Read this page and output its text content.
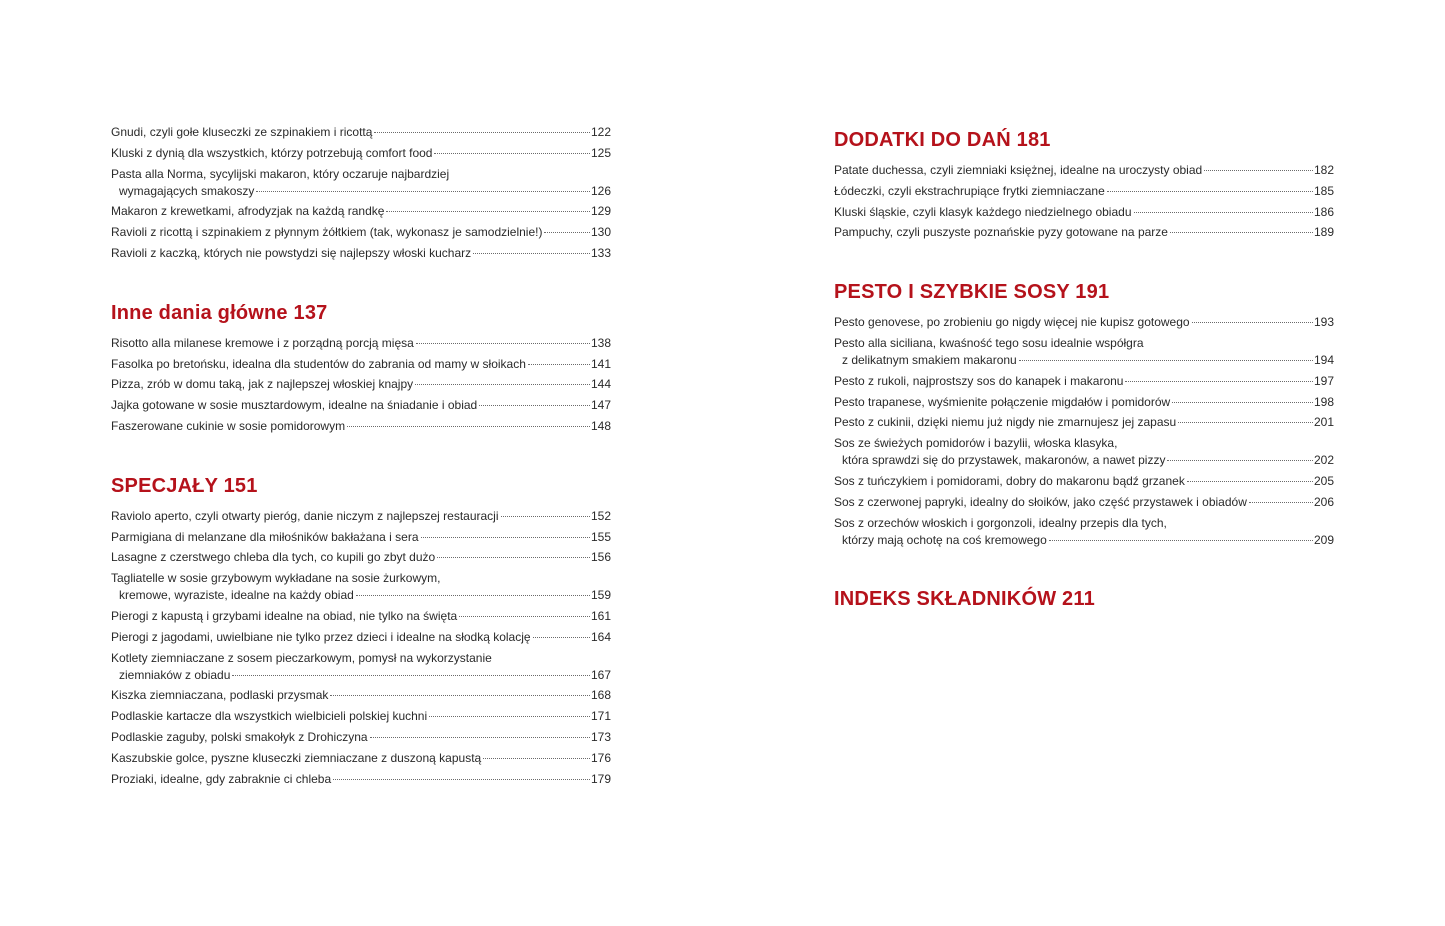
Gnudi, czyli gołe kluseczki ze szpinakiem i ricottą	122
Kluski z dynią dla wszystkich, którzy potrzebują comfort food	125
Pasta alla Norma, sycylijski makaron, który oczaruje najbardziej
wymagających smakoszy	126
Makaron z krewetkami, afrodyzjak na każdą randkę	129
Ravioli z ricottą i szpinakiem z płynnym żółtkiem (tak, wykonasz je samodzielnie!)	130
Ravioli z kaczką, których nie powstydzi się najlepszy włoski kucharz	133
Inne dania główne 137
Risotto alla milanese kremowe i z porządną porcją mięsa	138
Fasolka po bretońsku, idealna dla studentów do zabrania od mamy w słoikach	141
Pizza, zrób w domu taką, jak z najlepszej włoskiej knajpy	144
Jajka gotowane w sosie musztardowym, idealne na śniadanie i obiad	147
Faszerowane cukinie w sosie pomidorowym	148
SPECJAŁY 151
Raviolo aperto, czyli otwarty pieróg, danie niczym z najlepszej restauracji	152
Parmigiana di melanzane dla miłośników bakłażana i sera	155
Lasagne z czerstwego chleba dla tych, co kupili go zbyt dużo	156
Tagliatelle w sosie grzybowym wykładane na sosie żurkowym,
kremowe, wyraziste, idealne na każdy obiad	159
Pierogi z kapustą i grzybami idealne na obiad, nie tylko na święta	161
Pierogi z jagodami, uwielbiane nie tylko przez dzieci i idealne na słodką kolację	164
Kotlety ziemniaczane z sosem pieczarkowym, pomysł na wykorzystanie
ziemniaków z obiadu	167
Kiszka ziemniaczana, podlaski przysmak	168
Podlaskie kartacze dla wszystkich wielbicieli polskiej kuchni	171
Podlaskie zaguby, polski smakołyk z Drohiczyna	173
Kaszubskie golce, pyszne kluseczki ziemniaczane z duszoną kapustą	176
Proziaki, idealne, gdy zabraknie ci chleba	179
DODATKI DO DAŃ 181
Patate duchessa, czyli ziemniaki księżnej, idealne na uroczysty obiad	182
Łódeczki, czyli ekstrachrupiące frytki ziemniaczane	185
Kluski śląskie, czyli klasyk każdego niedzielnego obiadu	186
Pampuchy, czyli puszyste poznańskie pyzy gotowane na parze	189
PESTO I SZYBKIE SOSY 191
Pesto genovese, po zrobieniu go nigdy więcej nie kupisz gotowego	193
Pesto alla siciliana, kwaśność tego sosu idealnie współgra
z delikatnym smakiem makaronu	194
Pesto z rukoli, najprostszy sos do kanapek i makaronu	197
Pesto trapanese, wyśmienite połączenie migdałów i pomidorów	198
Pesto z cukinii, dzięki niemu już nigdy nie zmarnujesz jej zapasu	201
Sos ze świeżych pomidorów i bazylii, włoska klasyka,
która sprawdzi się do przystawek, makaronów, a nawet pizzy	202
Sos z tuńczykiem i pomidorami, dobry do makaronu bądź grzanek	205
Sos z czerwonej papryki, idealny do słoików, jako część przystawek i obiadów	206
Sos z orzechów włoskich i gorgonzoli, idealny przepis dla tych,
którzy mają ochotę na coś kremowego	209
INDEKS SKŁADNIKÓW 211
